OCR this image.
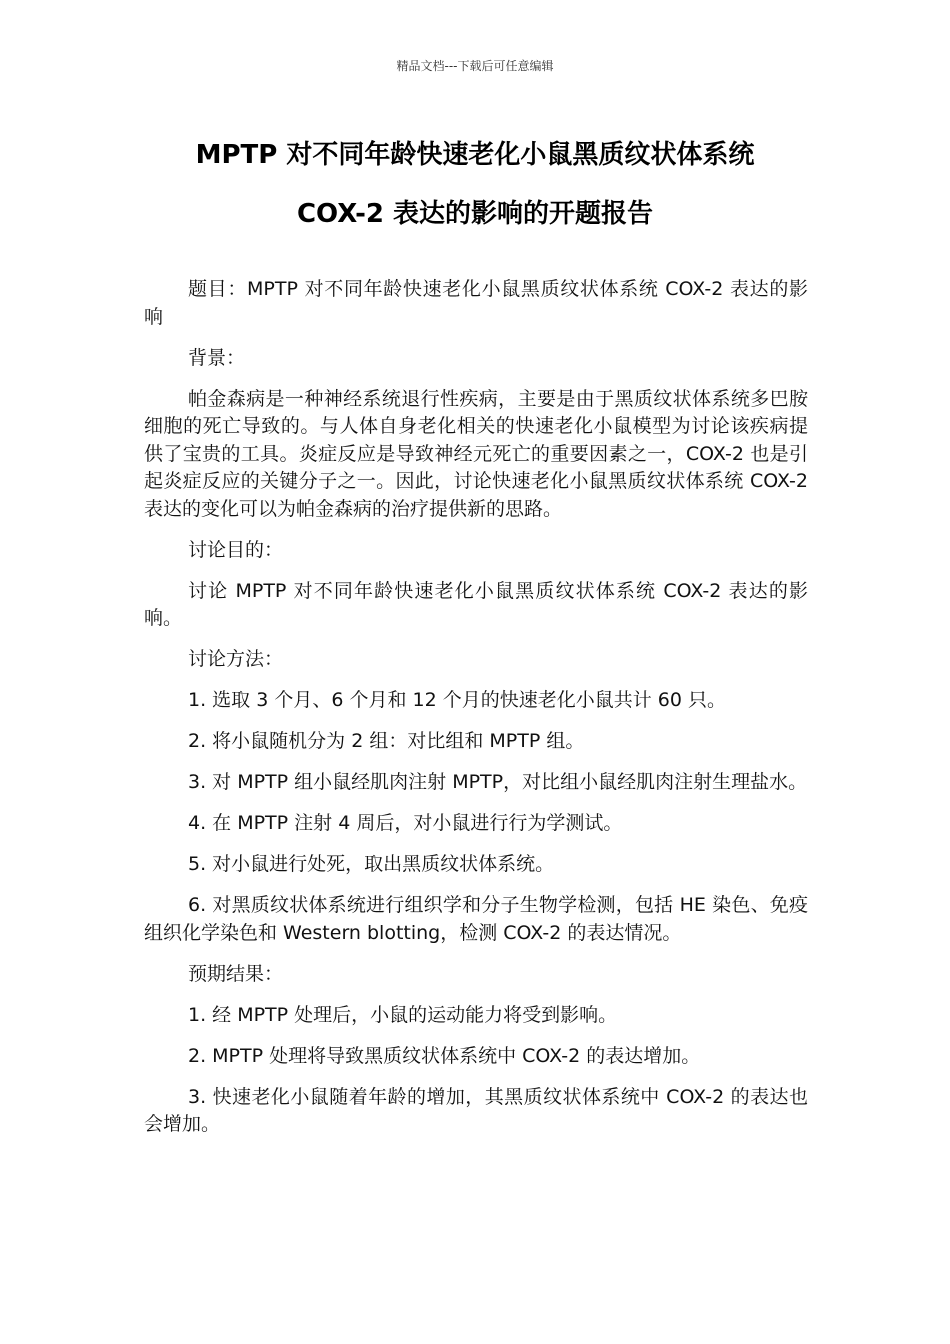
精品文档---下载后可任意编辑
MPTP 对不同年龄快速老化小鼠黑质纹状体系统
COX-2 表达的影响的开题报告

题目：MPTP 对不同年龄快速老化小鼠黑质纹状体系统 COX-2 表达的影响

背景：

帕金森病是一种神经系统退行性疾病，主要是由于黑质纹状体系统多巴胺细胞的死亡导致的。与人体自身老化相关的快速老化小鼠模型为讨论该疾病提供了宝贵的工具。炎症反应是导致神经元死亡的重要因素之一，COX-2 也是引起炎症反应的关键分子之一。因此，讨论快速老化小鼠黑质纹状体系统 COX-2 表达的变化可以为帕金森病的治疗提供新的思路。

讨论目的：

讨论 MPTP 对不同年龄快速老化小鼠黑质纹状体系统 COX-2 表达的影响。

讨论方法：

1. 选取 3 个月、6 个月和 12 个月的快速老化小鼠共计 60 只。

2. 将小鼠随机分为 2 组：对比组和 MPTP 组。

3. 对 MPTP 组小鼠经肌肉注射 MPTP，对比组小鼠经肌肉注射生理盐水。

4. 在 MPTP 注射 4 周后，对小鼠进行行为学测试。

5. 对小鼠进行处死，取出黑质纹状体系统。

6. 对黑质纹状体系统进行组织学和分子生物学检测，包括 HE 染色、免疫组织化学染色和 Western blotting，检测 COX-2 的表达情况。

预期结果：

1. 经 MPTP 处理后，小鼠的运动能力将受到影响。

2. MPTP 处理将导致黑质纹状体系统中 COX-2 的表达增加。

3. 快速老化小鼠随着年龄的增加，其黑质纹状体系统中 COX-2 的表达也会增加。
